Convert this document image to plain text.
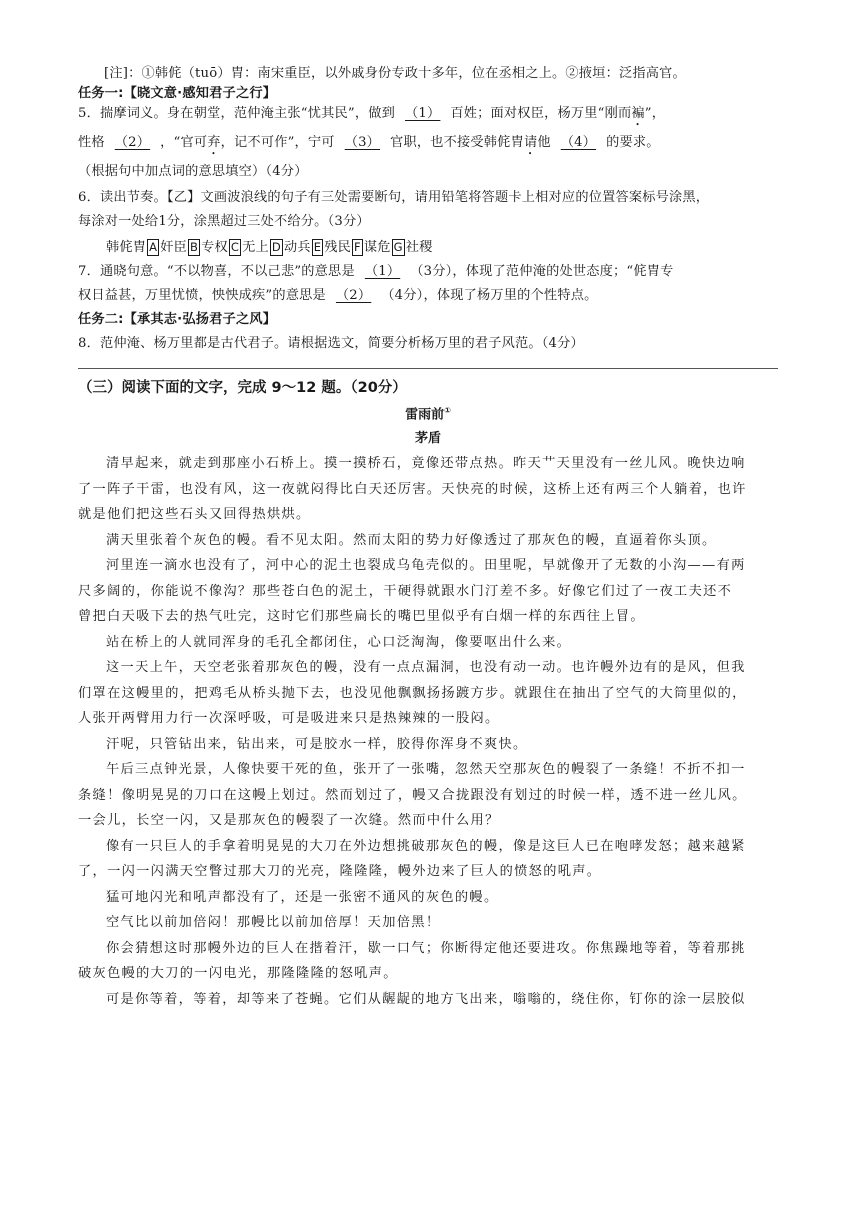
[注]：①韩侂（tuō）胄：南宋重臣，以外戚身份专政十多年，位在丞相之上。②掖垣：泛指高官。
任务一:【晓文意·感知君子之行】
5．揣摩词义。身在朝堂，范仲淹主张“忧其民”，做到 （1） 百姓；面对权臣，杨万里“刚而褊”，
性格 （2） ，“官可弃，记不可作”，宁可 （3） 官职，也不接受韩侂胄请他 （4） 的要求。
（根据句中加点词的意思填空）（4分）
6．读出节奏。【乙】文画波浪线的句子有三处需要断句，请用铅笔将答题卡上相对应的位置答案标号涂黑，
每涂对一处给1分，涂黑超过三处不给分。（3分）
韩侂胄 A 奸臣 B 专权 C 无上 D 动兵 E 残民 F 谋危 G 社稷
7．通晓句意。“不以物喜，不以己悲”的意思是 （1） （3分），体现了范仲淹的处世态度；“侂胄专
权日益甚，万里忧愤，怏怏成疾”的意思是 （2） （4分），体现了杨万里的个性特点。
任务二:【承其志·弘扬君子之风】
8．范仲淹、杨万里都是古代君子。请根据选文，简要分析杨万里的君子风范。（4分）
（三）阅读下面的文字，完成 9～12 题。（20分）
雷雨前①
茅盾
清早起来，就走到那座小石桥上。摸一摸桥石，竟像还带点热。昨天艹天里没有一丝儿风。晚快边响
了一阵子干雷，也没有风，这一夜就闷得比白天还厉害。天快亮的时候，这桥上还有两三个人躺着，也许
就是他们把这些石头又回得热烘烘。
满天里张着个灰色的幔。看不见太阳。然而太阳的势力好像透过了那灰色的幔，直逼着你头顶。
河里连一滴水也没有了，河中心的泥土也裂成乌龟壳似的。田里呢，早就像开了无数的小沟——有两
尺多阔的，你能说不像沟？那些苍白色的泥土，干硬得就跟水门汀差不多。好像它们过了一夜工夫还不
曾把白天吸下去的热气吐完，这时它们那些扁长的嘴巴里似乎有白烟一样的东西往上冒。
站在桥上的人就同浑身的毛孔全都闭住，心口泛淘淘，像要呕出什么来。
这一天上午，天空老张着那灰色的幔，没有一点点漏洞，也没有动一动。也许幔外边有的是风，但我
们罩在这幔里的，把鸡毛从桥头抛下去，也没见他飘飘扬扬踱方步。就跟住在抽出了空气的大筒里似的，
人张开两臂用力行一次深呼吸，可是吸进来只是热辣辣的一股闷。
汗呢，只管钻出来，钻出来，可是胶水一样，胶得你浑身不爽快。
午后三点钟光景，人像快要干死的鱼，张开了一张嘴，忽然天空那灰色的幔裂了一条缝！不折不扣一
条缝！像明晃晃的刀口在这幔上划过。然而划过了，幔又合拢跟没有划过的时候一样，透不进一丝儿风。
一会儿，长空一闪，又是那灰色的幔裂了一次缝。然而中什么用？
像有一只巨人的手拿着明晃晃的大刀在外边想挑破那灰色的幔，像是这巨人已在咆哮发怒；越来越紧
了，一闪一闪满天空瞥过那大刀的光亮，隆隆隆，幔外边来了巨人的愤怒的吼声。
猛可地闪光和吼声都没有了，还是一张密不通风的灰色的幔。
空气比以前加倍闷！那幔比以前加倍厚！天加倍黑！
你会猜想这时那幔外边的巨人在揩着汗，歇一口气；你断得定他还要进攻。你焦躁地等着，等着那挑
破灰色幔的大刀的一闪电光，那隆隆隆的怒吼声。
可是你等着，等着，却等来了苍蝇。它们从龌龊的地方飞出来，嗡嗡的，绕住你，钉你的涂一层胶似
